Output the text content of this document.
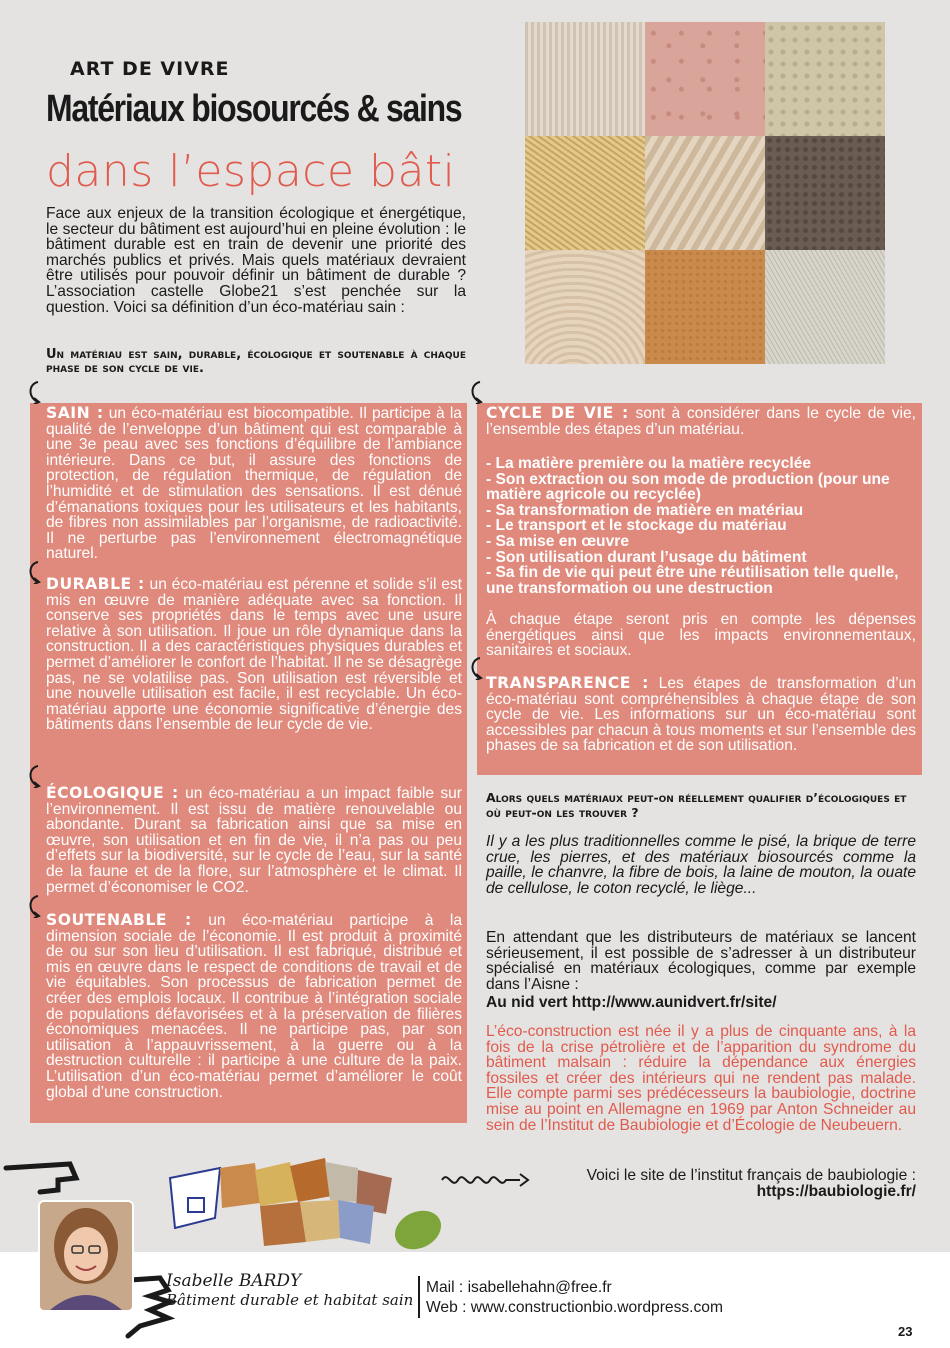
ART DE VIVRE
Matériaux biosourcés & sains
dans l’espace bâti
Face aux enjeux de la transition écologique et énergétique, le secteur du bâtiment est aujourd’hui en pleine évolution : le bâtiment durable est en train de devenir une priorité des marchés publics et privés. Mais quels matériaux devraient être utilisés pour pouvoir définir un bâtiment de durable ? L’association castelle Globe21 s’est penchée sur la question. Voici sa définition d’un éco-matériau sain :
Un matériau est sain, durable, écologique et soutenable à chaque phase de son cycle de vie.
SAIN : un éco-matériau est biocompatible. Il participe à la qualité de l’enveloppe d’un bâtiment qui est comparable à une 3e peau avec ses fonctions d’équilibre de l’ambiance intérieure. Dans ce but, il assure des fonctions de protection, de régulation thermique, de régulation de l’humidité et de stimulation des sensations. Il est dénué d’émanations toxiques pour les utilisateurs et les habitants, de fibres non assimilables par l’organisme, de radioactivité. Il ne perturbe pas l’environnement électromagnétique naturel.
DURABLE : un éco-matériau est pérenne et solide s’il est mis en œuvre de manière adéquate avec sa fonction. Il conserve ses propriétés dans le temps avec une usure relative à son utilisation. Il joue un rôle dynamique dans la construction. Il a des caractéristiques physiques durables et permet d’améliorer le confort de l’habitat. Il ne se désagrège pas, ne se volatilise pas. Son utilisation est réversible et une nouvelle utilisation est facile, il est recyclable. Un éco-matériau apporte une économie significative d’énergie des bâtiments dans l’ensemble de leur cycle de vie.
ÉCOLOGIQUE : un éco-matériau a un impact faible sur l’environnement. Il est issu de matière renouvelable ou abondante. Durant sa fabrication ainsi que sa mise en œuvre, son utilisation et en fin de vie, il n’a pas ou peu d’effets sur la biodiversité, sur le cycle de l’eau, sur la santé de la faune et de la flore, sur l’atmosphère et le climat. Il permet d’économiser le CO2.
SOUTENABLE : un éco-matériau participe à la dimension sociale de l’économie. Il est produit à proximité de ou sur son lieu d’utilisation. Il est fabriqué, distribué et mis en œuvre dans le respect de conditions de travail et de vie équitables. Son processus de fabrication permet de créer des emplois locaux. Il contribue à l’intégration sociale de populations défavorisées et à la préservation de filières économiques menacées. Il ne participe pas, par son utilisation à l’appauvrissement, à la guerre ou à la destruction culturelle : il participe à une culture de la paix. L’utilisation d’un éco-matériau permet d’améliorer le coût global d’une construction.
CYCLE DE VIE : sont à considérer dans le cycle de vie, l’ensemble des étapes d’un matériau.
- La matière première ou la matière recyclée
- Son extraction ou son mode de production (pour une matière agricole ou recyclée)
- Sa transformation de matière en matériau
- Le transport et le stockage du matériau
- Sa mise en œuvre
- Son utilisation durant l’usage du bâtiment
- Sa fin de vie qui peut être une réutilisation telle quelle, une transformation ou une destruction
À chaque étape seront pris en compte les dépenses énergétiques ainsi que les impacts environnementaux, sanitaires et sociaux.
TRANSPARENCE : Les étapes de transformation d’un éco-matériau sont compréhensibles à chaque étape de son cycle de vie. Les informations sur un éco-matériau sont accessibles par chacun à tous moments et sur l’ensemble des phases de sa fabrication et de son utilisation.
Alors quels matériaux peut-on réellement qualifier d’écologiques et où peut-on les trouver ?
Il y a les plus traditionnelles comme le pisé, la brique de terre crue, les pierres, et des matériaux biosourcés comme la paille, le chanvre, la fibre de bois, la laine de mouton, la ouate de cellulose, le coton recyclé, le liège...
En attendant que les distributeurs de matériaux se lancent sérieusement, il est possible de s’adresser à un distributeur spécialisé en matériaux écologiques, comme par exemple dans l’Aisne :
Au nid vert http://www.aunidvert.fr/site/
L’éco-construction est née il y a plus de cinquante ans, à la fois de la crise pétrolière et de l’apparition du syndrome du bâtiment malsain : réduire la dépendance aux énergies fossiles et créer des intérieurs qui ne rendent pas malade. Elle compte parmi ses prédécesseurs la baubiologie, doctrine mise au point en Allemagne en 1969 par Anton Schneider au sein de l’Institut de Baubiologie et d’Écologie de Neubeuern.
Voici le site de l’institut français de baubiologie :
https://baubiologie.fr/
Isabelle BARDY
Bâtiment durable et habitat sain
Mail : isabellehahn@free.fr
Web : www.constructionbio.wordpress.com
23
